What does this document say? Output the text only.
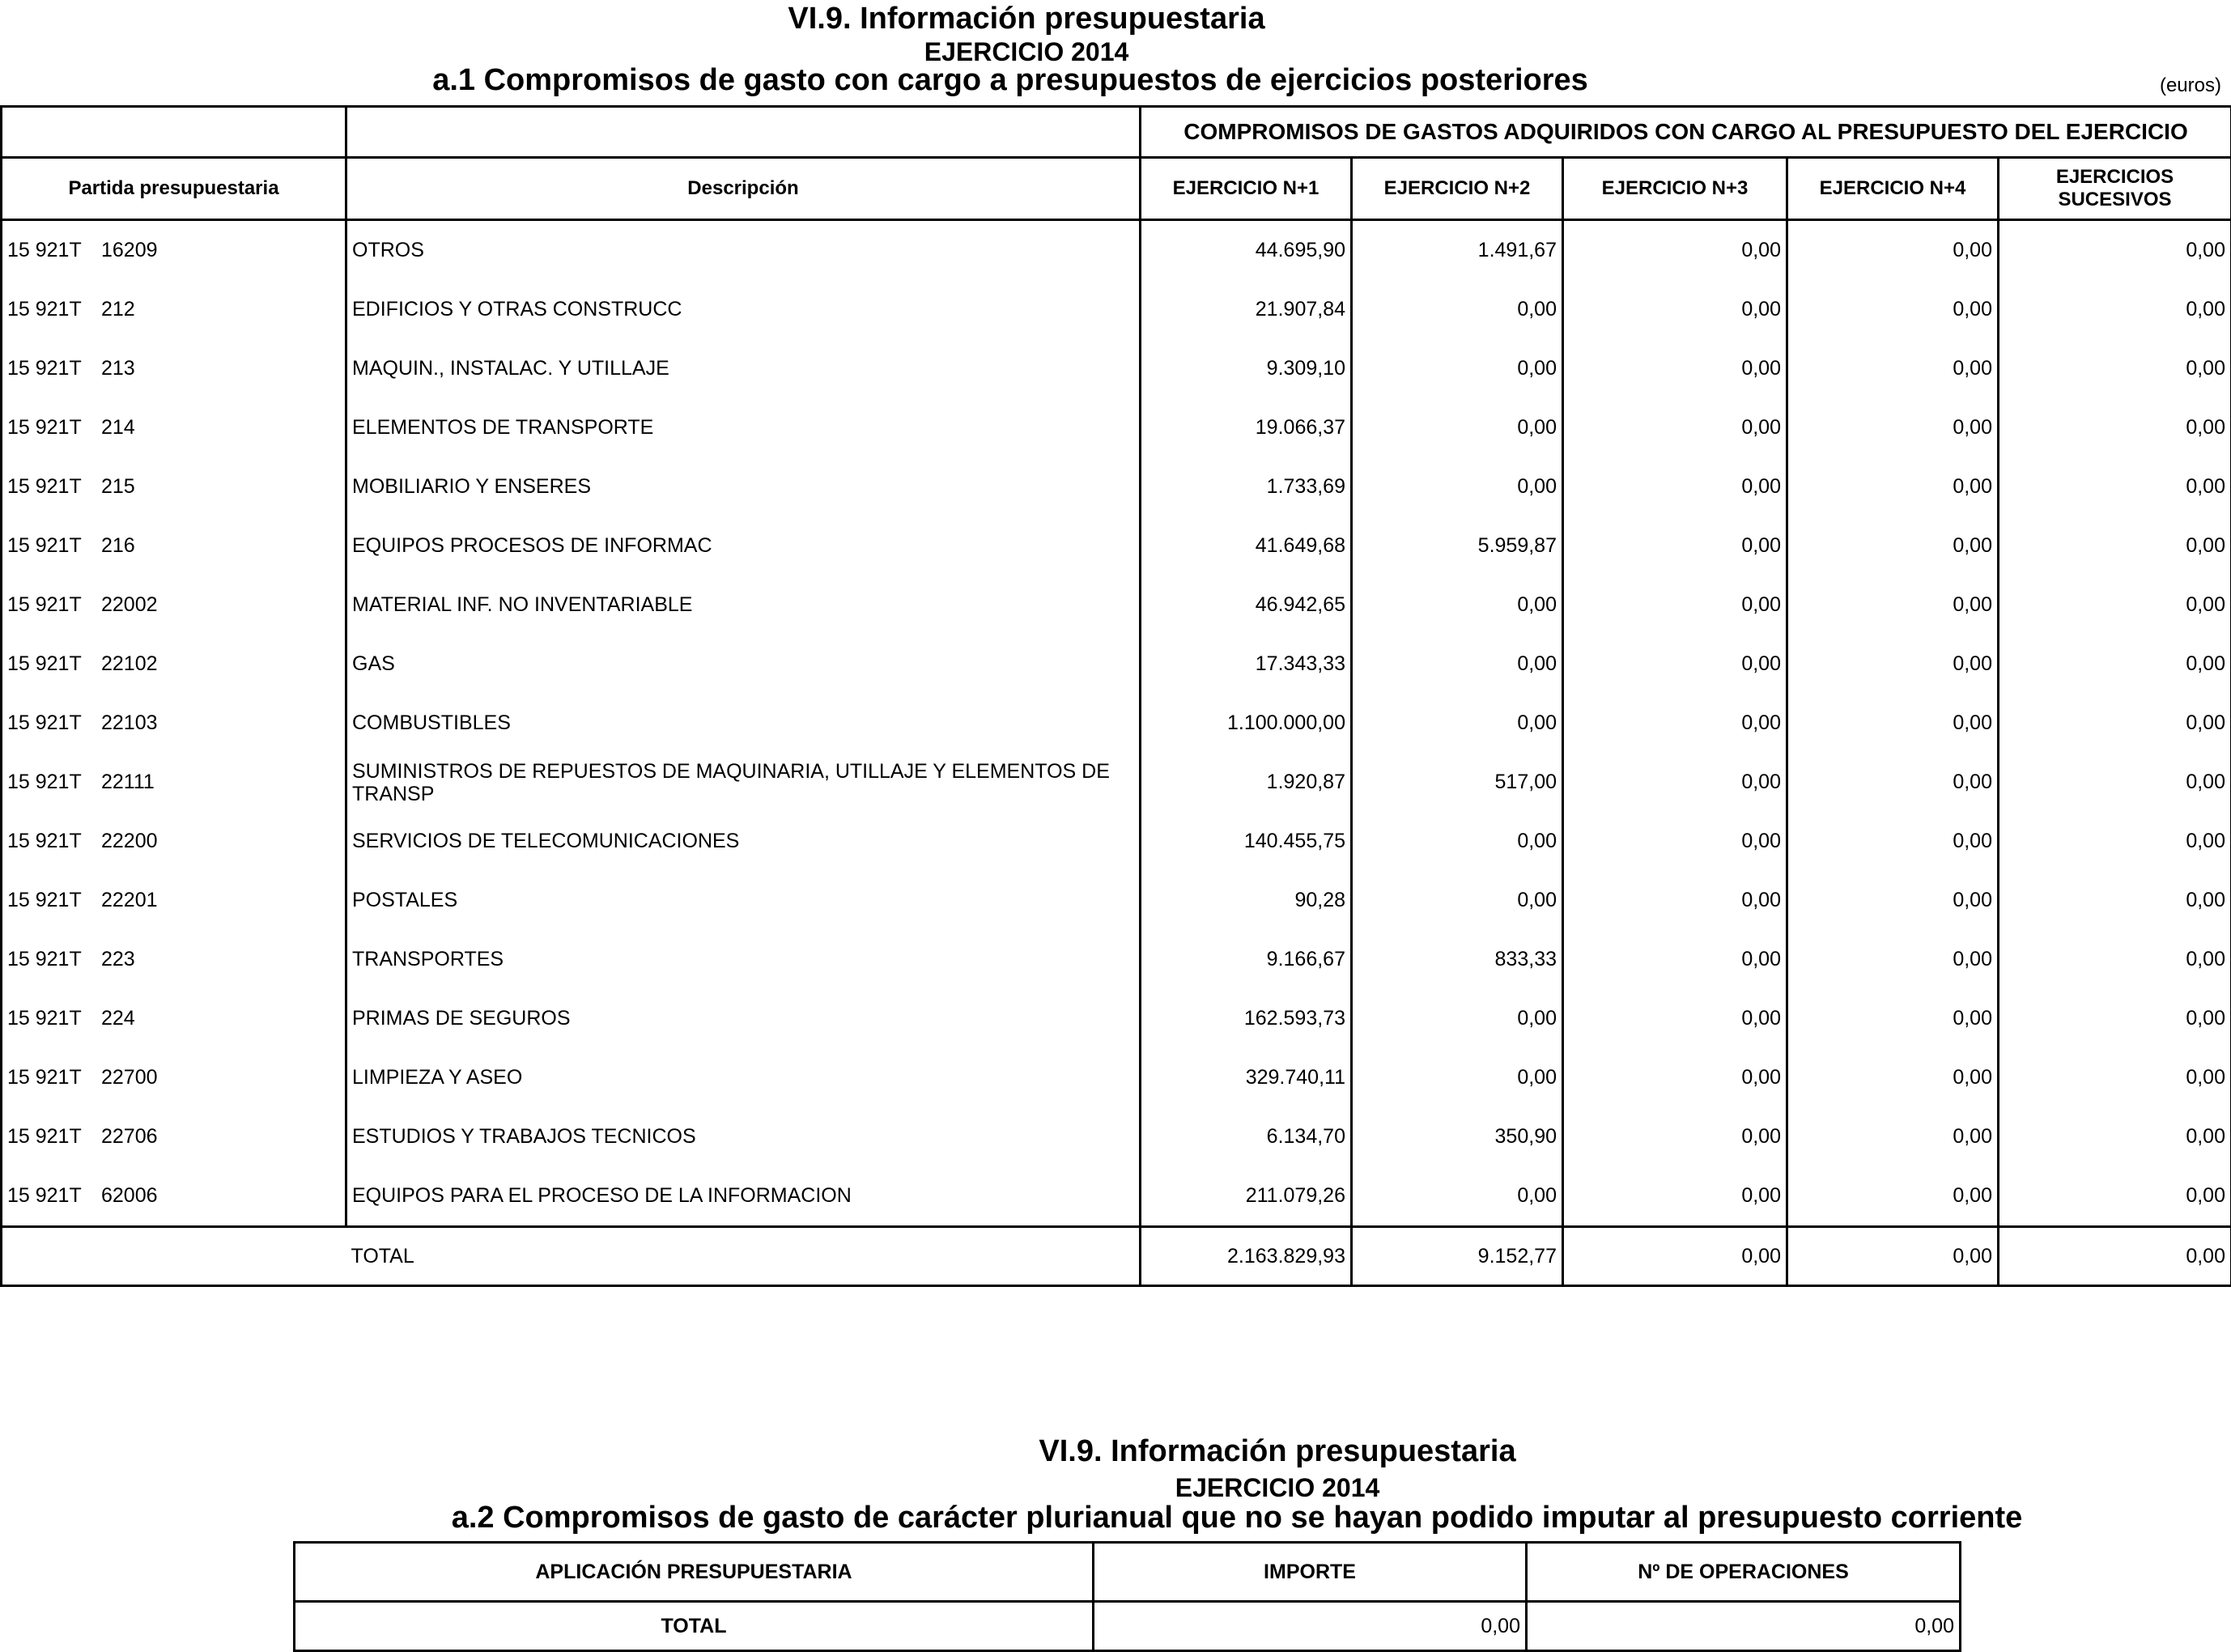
VI.9. Información presupuestaria
EJERCICIO 2014
a.1 Compromisos de gasto con cargo a presupuestos de ejercicios posteriores	(euros)
		COMPROMISOS DE GASTOS ADQUIRIDOS CON CARGO AL PRESUPUESTO DEL EJERCICIO				
Partida presupuestaria	Descripción	EJERCICIO N+1	EJERCICIO N+2	EJERCICIO N+3	EJERCICIO N+4	EJERCICIOS SUCESIVOS
15 921T 16209	OTROS	44.695,90	1.491,67	0,00	0,00	0,00
15 921T 212	EDIFICIOS Y OTRAS CONSTRUCC	21.907,84	0,00	0,00	0,00	0,00
15 921T 213	MAQUIN., INSTALAC. Y UTILLAJE	9.309,10	0,00	0,00	0,00	0,00
15 921T 214	ELEMENTOS DE TRANSPORTE	19.066,37	0,00	0,00	0,00	0,00
15 921T 215	MOBILIARIO Y ENSERES	1.733,69	0,00	0,00	0,00	0,00
15 921T 216	EQUIPOS PROCESOS DE INFORMAC	41.649,68	5.959,87	0,00	0,00	0,00
15 921T 22002	MATERIAL INF. NO INVENTARIABLE	46.942,65	0,00	0,00	0,00	0,00
15 921T 22102	GAS	17.343,33	0,00	0,00	0,00	0,00
15 921T 22103	COMBUSTIBLES	1.100.000,00	0,00	0,00	0,00	0,00
15 921T 22111	SUMINISTROS DE REPUESTOS DE MAQUINARIA, UTILLAJE Y ELEMENTOS DE TRANSP	1.920,87	517,00	0,00	0,00	0,00
15 921T 22200	SERVICIOS DE TELECOMUNICACIONES	140.455,75	0,00	0,00	0,00	0,00
15 921T 22201	POSTALES	90,28	0,00	0,00	0,00	0,00
15 921T 223	TRANSPORTES	9.166,67	833,33	0,00	0,00	0,00
15 921T 224	PRIMAS DE SEGUROS	162.593,73	0,00	0,00	0,00	0,00
15 921T 22700	LIMPIEZA Y ASEO	329.740,11	0,00	0,00	0,00	0,00
15 921T 22706	ESTUDIOS Y TRABAJOS TECNICOS	6.134,70	350,90	0,00	0,00	0,00
15 921T 62006	EQUIPOS PARA EL PROCESO DE LA INFORMACION	211.079,26	0,00	0,00	0,00	0,00
	TOTAL	2.163.829,93	9.152,77	0,00	0,00	0,00
VI.9. Información presupuestaria
EJERCICIO 2014
a.2 Compromisos de gasto de carácter plurianual que no se hayan podido imputar al presupuesto corriente
APLICACIÓN PRESUPUESTARIA	IMPORTE	Nº DE OPERACIONES
TOTAL	0,00	0,00
